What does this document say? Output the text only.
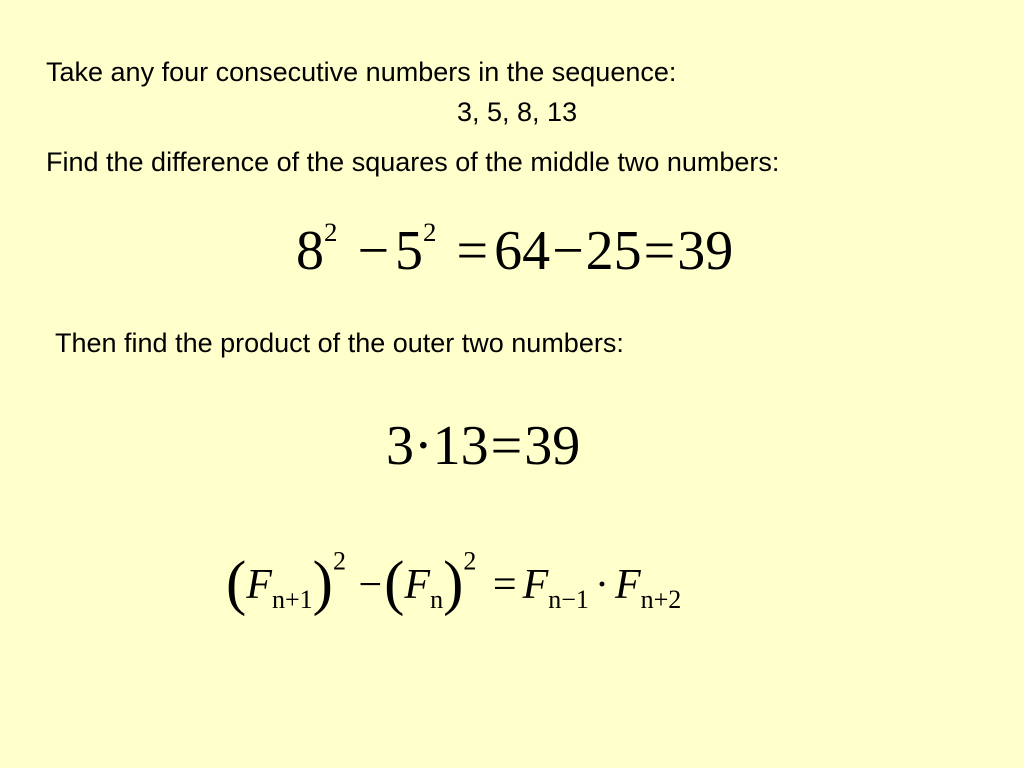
Take any four consecutive numbers in the sequence:
3, 5, 8, 13
Find the difference of the squares of the middle two numbers:
$8^2 - 5^2 = 64-25=39$
Then find the product of the outer two numbers:
3·13=39
$(F_{n+1})^2 -(F_n)^2 = F_{n-1} \cdot F_{n+2}$
